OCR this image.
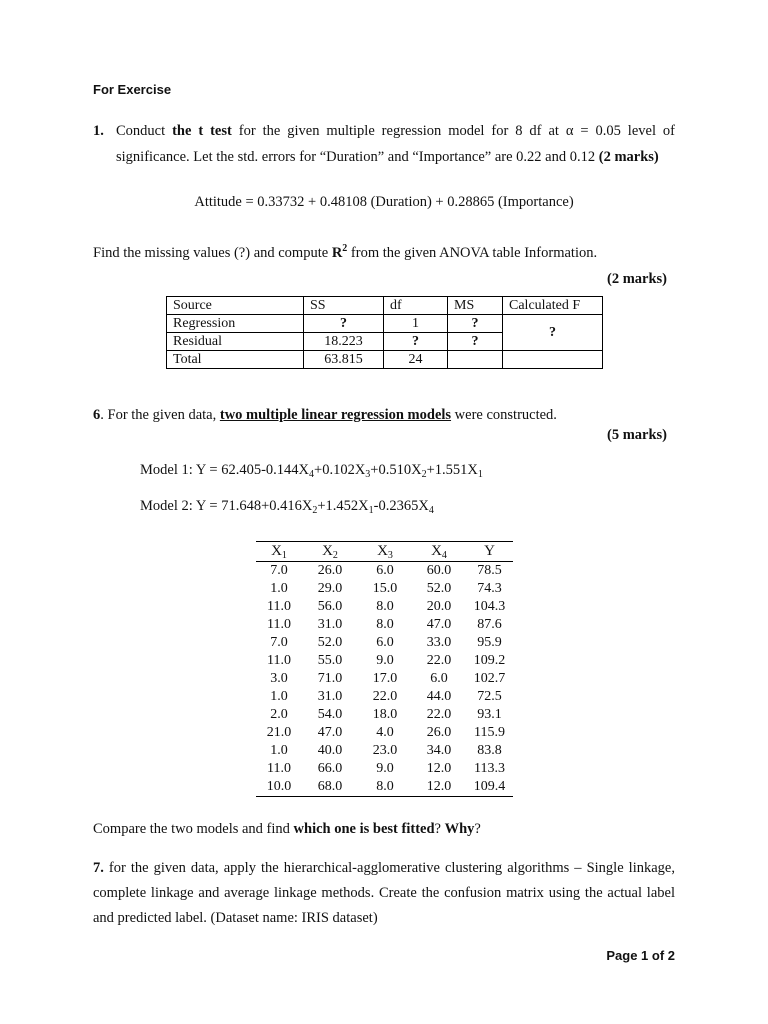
For Exercise
1. Conduct the t test for the given multiple regression model for 8 df at α = 0.05 level of significance. Let the std. errors for “Duration” and “Importance” are 0.22 and 0.12 (2 marks)
Attitude = 0.33732 + 0.48108 (Duration) + 0.28865 (Importance)
Find the missing values (?) and compute $R^2$ from the given ANOVA table Information.
(2 marks)
Source	SS	df	MS	Calculated F
Regression	?	1	?	?
Residual	18.223	?	?	
Total	63.815	24		
6. For the given data, two multiple linear regression models were constructed.
(5 marks)
Model 1: $Y = 62.405-0.144X_4+0.102X_3+0.510X_2+1.551X_1$
Model 2: $Y = 71.648+0.416X_2+1.452X_1-0.2365X_4$
$X_1$	$X_2$	$X_3$	$X_4$	Y
7.0	26.0	6.0	60.0	78.5
1.0	29.0	15.0	52.0	74.3
11.0	56.0	8.0	20.0	104.3
11.0	31.0	8.0	47.0	87.6
7.0	52.0	6.0	33.0	95.9
11.0	55.0	9.0	22.0	109.2
3.0	71.0	17.0	6.0	102.7
1.0	31.0	22.0	44.0	72.5
2.0	54.0	18.0	22.0	93.1
21.0	47.0	4.0	26.0	115.9
1.0	40.0	23.0	34.0	83.8
11.0	66.0	9.0	12.0	113.3
10.0	68.0	8.0	12.0	109.4
Compare the two models and find which one is best fitted? Why?
7. for the given data, apply the hierarchical-agglomerative clustering algorithms – Single linkage, complete linkage and average linkage methods. Create the confusion matrix using the actual label and predicted label. (Dataset name: IRIS dataset)
Page 1 of 2
